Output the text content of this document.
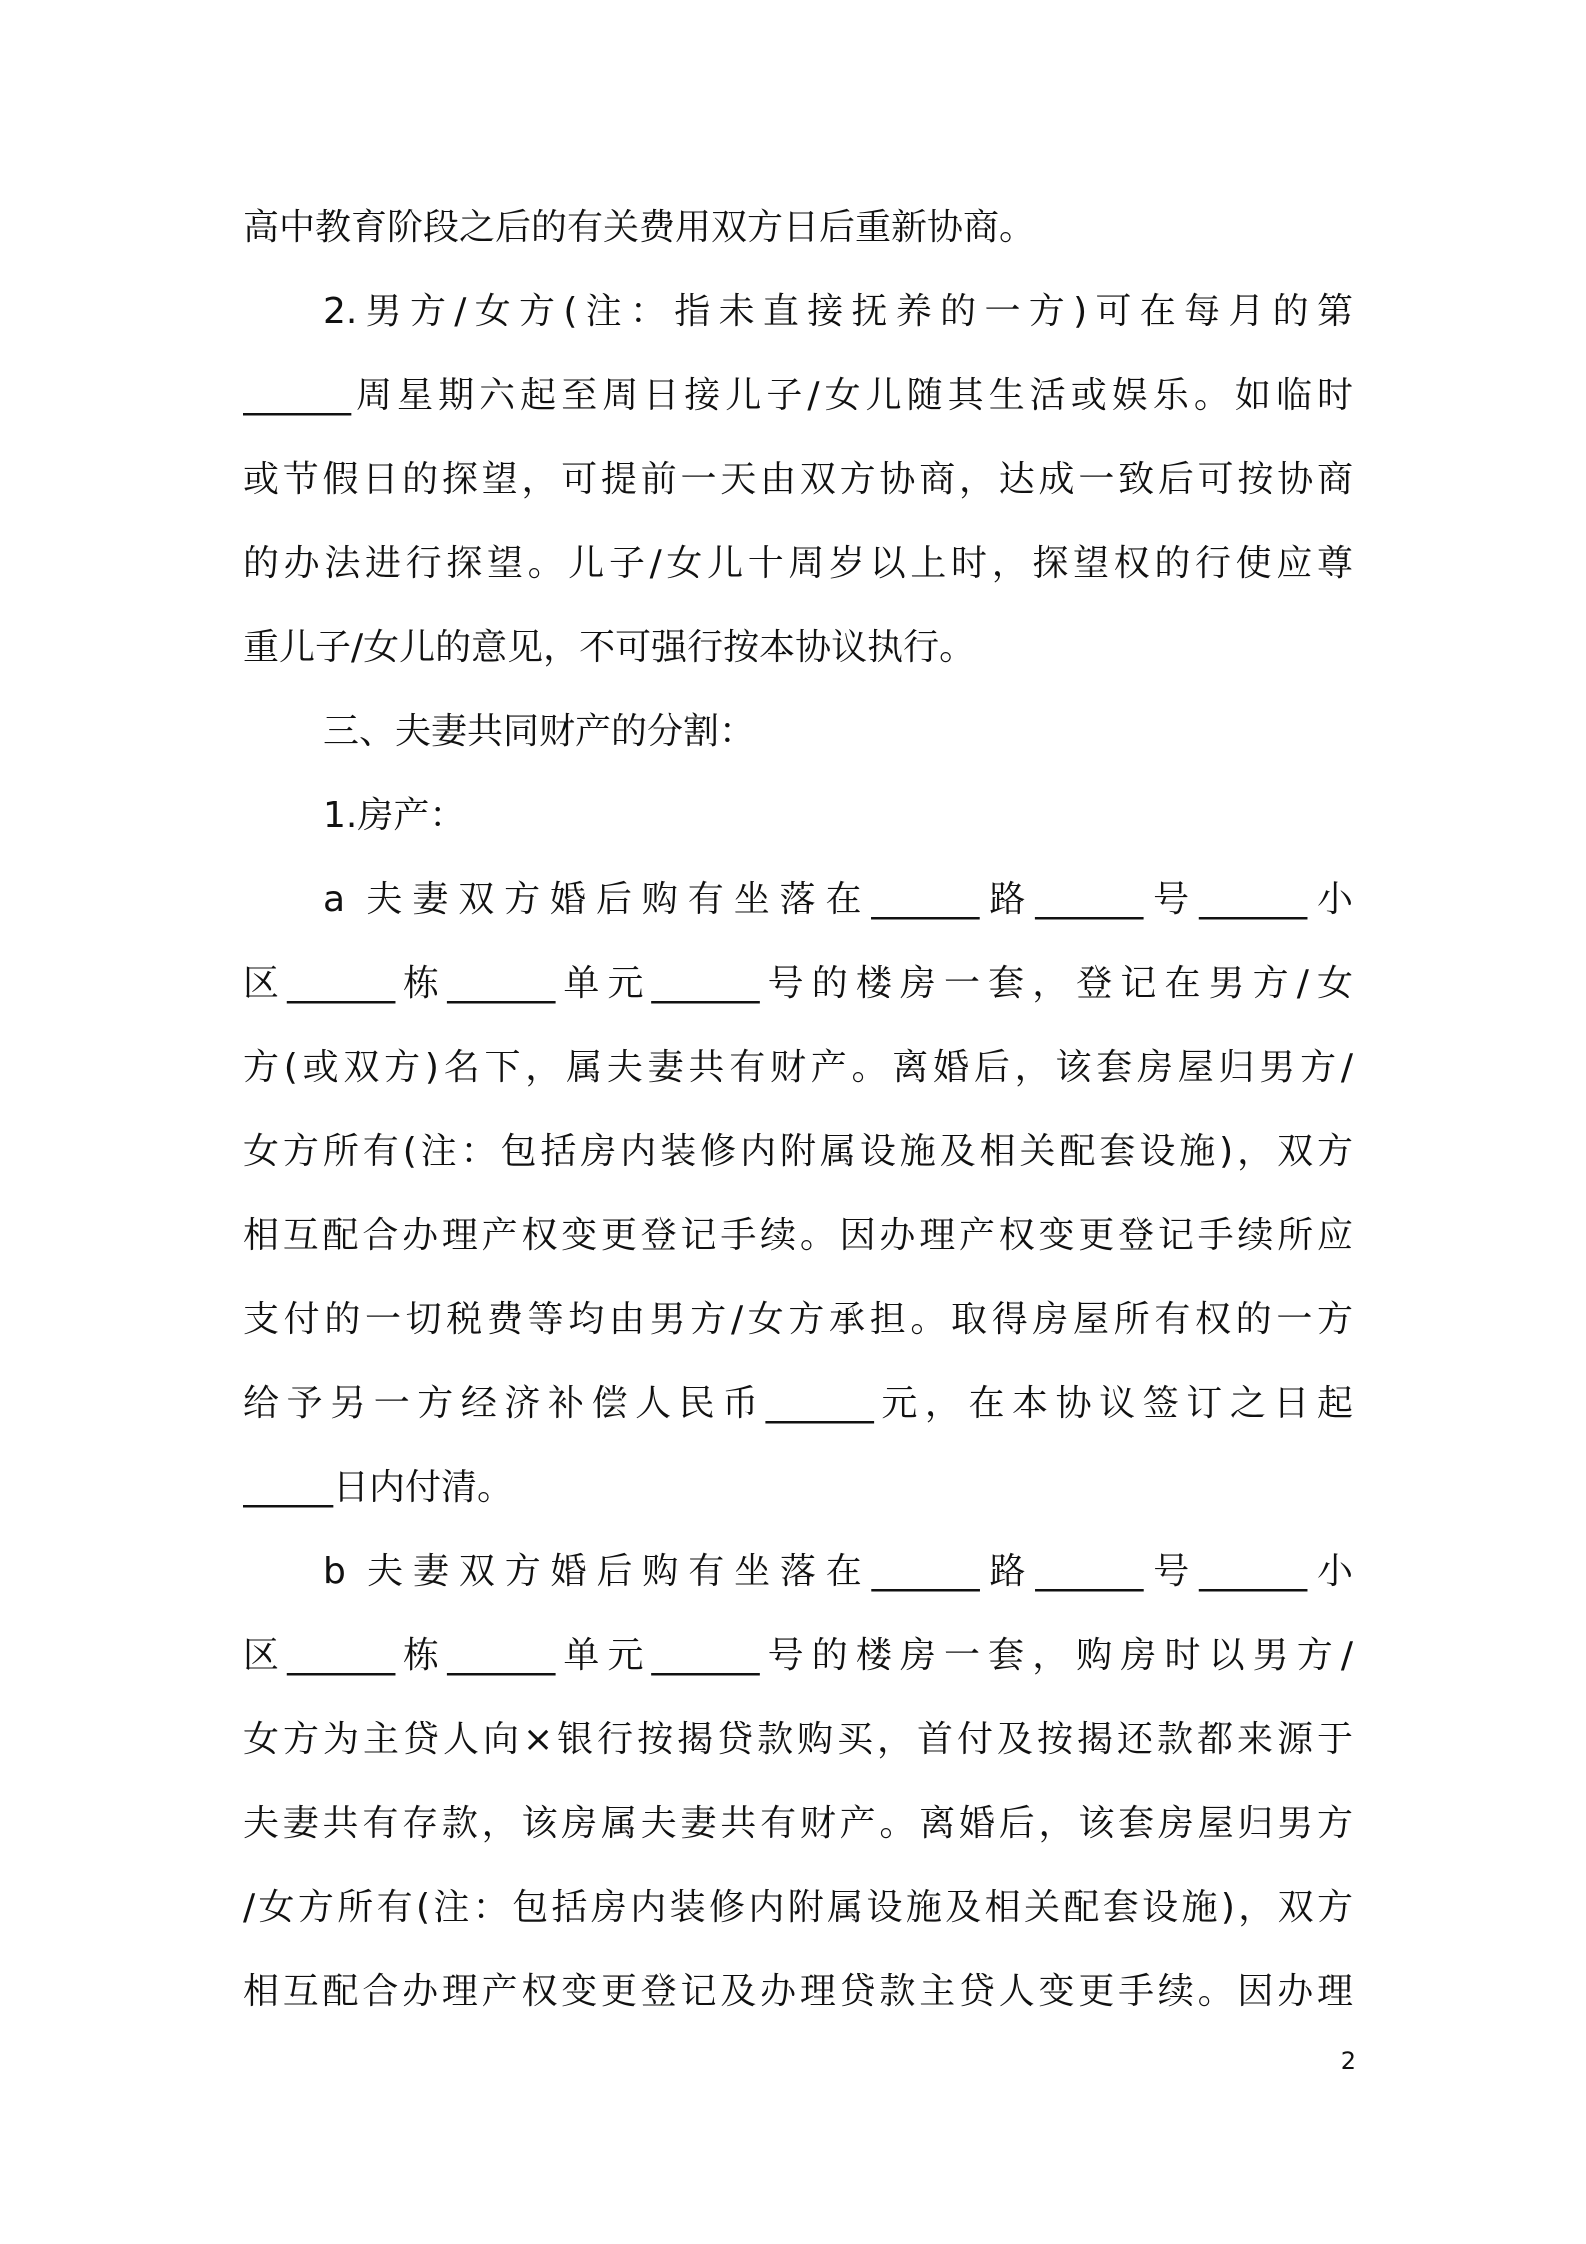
高中教育阶段之后的有关费用双方日后重新协商。
2.男方/女方(注：指未直接抚养的一方)可在每月的第
______周星期六起至周日接儿子/女儿随其生活或娱乐。如临时
或节假日的探望，可提前一天由双方协商，达成一致后可按协商
的办法进行探望。儿子/女儿十周岁以上时，探望权的行使应尊
重儿子/女儿的意见，不可强行按本协议执行。
三、夫妻共同财产的分割：
1.房产：
a 夫妻双方婚后购有坐落在______路______号______小
区______栋______单元______号的楼房一套，登记在男方/女
方(或双方)名下，属夫妻共有财产。离婚后，该套房屋归男方/
女方所有(注：包括房内装修内附属设施及相关配套设施)，双方
相互配合办理产权变更登记手续。因办理产权变更登记手续所应
支付的一切税费等均由男方/女方承担。取得房屋所有权的一方
给予另一方经济补偿人民币______元，在本协议签订之日起
_____日内付清。
b 夫妻双方婚后购有坐落在______路______号______小
区______栋______单元______号的楼房一套，购房时以男方/
女方为主贷人向×银行按揭贷款购买，首付及按揭还款都来源于
夫妻共有存款，该房属夫妻共有财产。离婚后，该套房屋归男方
/女方所有(注：包括房内装修内附属设施及相关配套设施)，双方
相互配合办理产权变更登记及办理贷款主贷人变更手续。因办理
2
